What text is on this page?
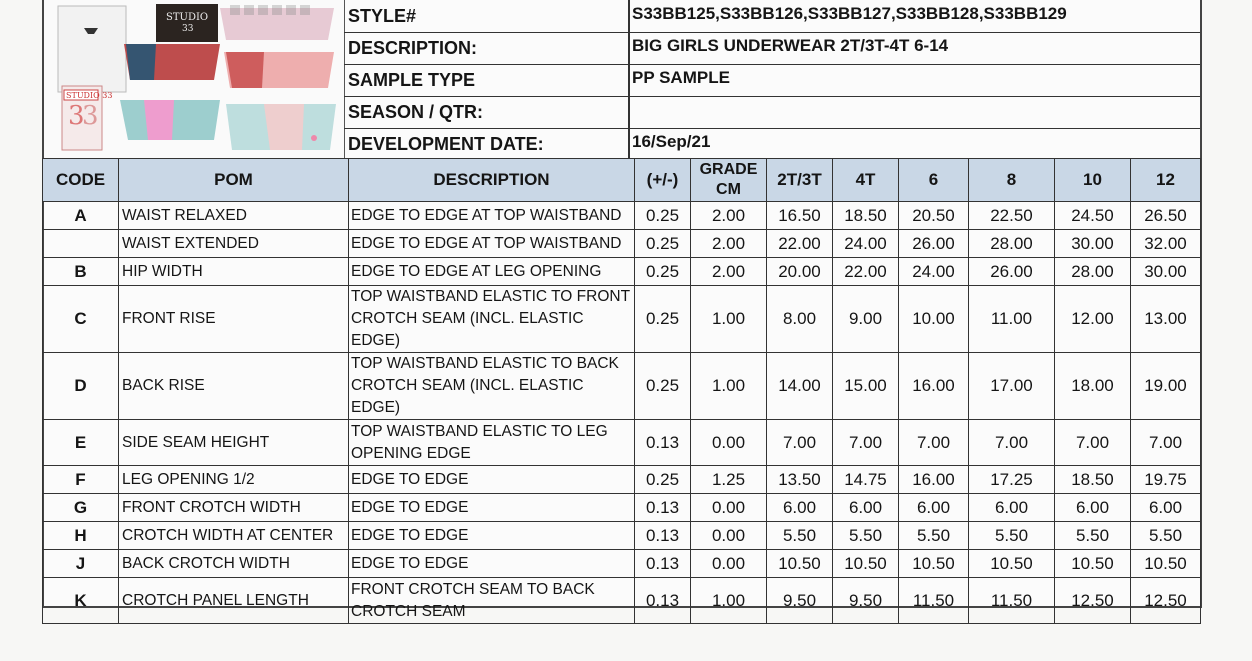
STUDIO 33
3
3
STUDIO
33
STYLE#	S33BB125,S33BB126,S33BB127,S33BB128,S33BB129
DESCRIPTION:	BIG GIRLS UNDERWEAR 2T/3T-4T 6-14
SAMPLE TYPE	PP SAMPLE
SEASON / QTR:
DEVELOPMENT DATE:	16/Sep/21
CODE	POM	DESCRIPTION	(+/-)	GRADE CM	2T/3T	4T	6	8	10	12
A	WAIST RELAXED	EDGE TO EDGE AT TOP WAISTBAND	0.25	2.00	16.50	18.50	20.50	22.50	24.50	26.50
	WAIST EXTENDED	EDGE TO EDGE AT TOP WAISTBAND	0.25	2.00	22.00	24.00	26.00	28.00	30.00	32.00
B	HIP WIDTH	EDGE TO EDGE AT LEG OPENING	0.25	2.00	20.00	22.00	24.00	26.00	28.00	30.00
C	FRONT RISE	TOP WAISTBAND ELASTIC TO FRONT CROTCH SEAM (INCL. ELASTIC EDGE)	0.25	1.00	8.00	9.00	10.00	11.00	12.00	13.00
D	BACK RISE	TOP WAISTBAND ELASTIC TO BACK CROTCH SEAM (INCL. ELASTIC EDGE)	0.25	1.00	14.00	15.00	16.00	17.00	18.00	19.00
E	SIDE SEAM HEIGHT	TOP WAISTBAND ELASTIC TO LEG OPENING EDGE	0.13	0.00	7.00	7.00	7.00	7.00	7.00	7.00
F	LEG OPENING 1/2	EDGE TO EDGE	0.25	1.25	13.50	14.75	16.00	17.25	18.50	19.75
G	FRONT CROTCH WIDTH	EDGE TO EDGE	0.13	0.00	6.00	6.00	6.00	6.00	6.00	6.00
H	CROTCH WIDTH AT CENTER	EDGE TO EDGE	0.13	0.00	5.50	5.50	5.50	5.50	5.50	5.50
J	BACK CROTCH WIDTH	EDGE TO EDGE	0.13	0.00	10.50	10.50	10.50	10.50	10.50	10.50
K	CROTCH PANEL LENGTH	FRONT CROTCH SEAM TO BACK CROTCH SEAM	0.13	1.00	9.50	9.50	11.50	11.50	12.50	12.50
